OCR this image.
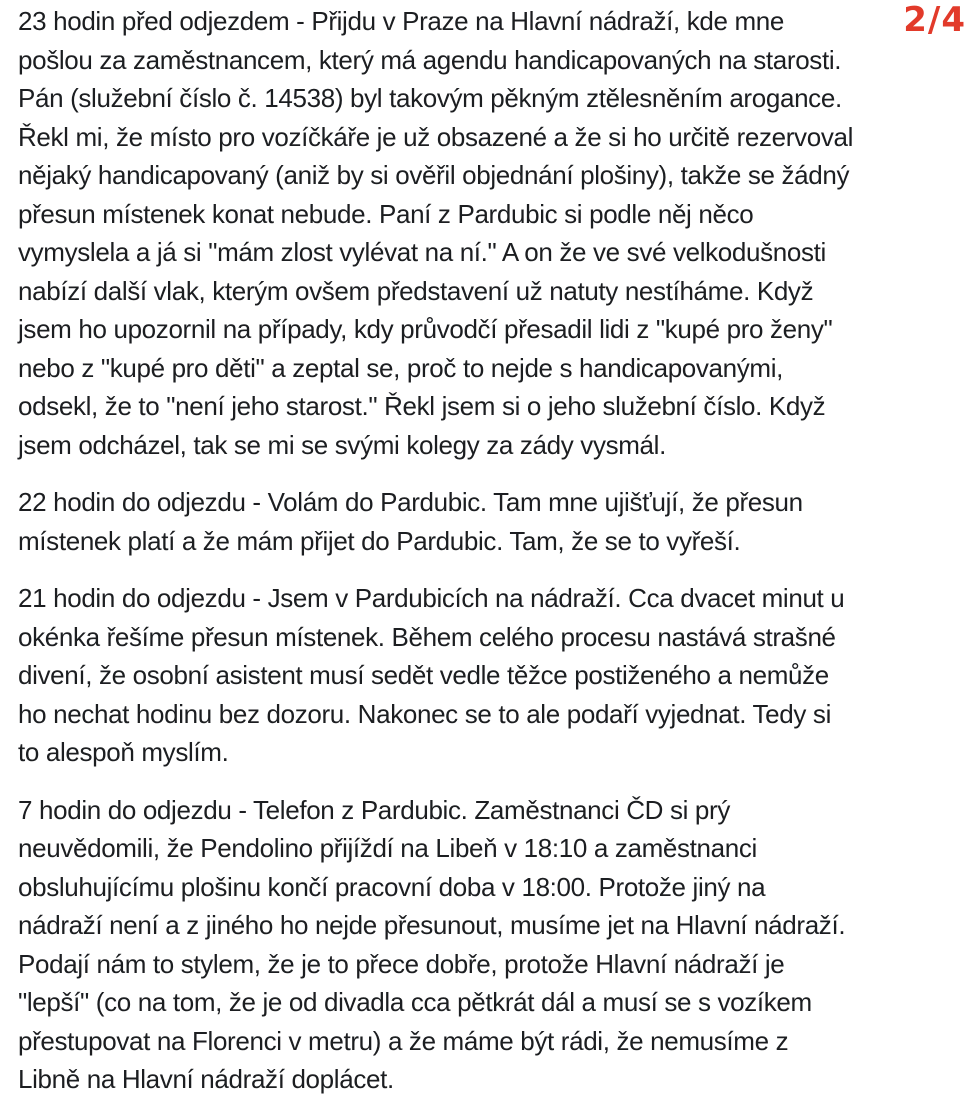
2/4

23 hodin před odjezdem - Přijdu v Praze na Hlavní nádraží, kde mne
pošlou za zaměstnancem, který má agendu handicapovaných na starosti.
Pán (služební číslo č. 14538) byl takovým pěkným ztělesněním arogance.
Řekl mi, že místo pro vozíčkáře je už obsazené a že si ho určitě rezervoval
nějaký handicapovaný (aniž by si ověřil objednání plošiny), takže se žádný
přesun místenek konat nebude. Paní z Pardubic si podle něj něco
vymyslela a já si "mám zlost vylévat na ní." A on že ve své velkodušnosti
nabízí další vlak, kterým ovšem představení už natuty nestíháme. Když
jsem ho upozornil na případy, kdy průvodčí přesadil lidi z "kupé pro ženy"
nebo z "kupé pro děti" a zeptal se, proč to nejde s handicapovanými,
odsekl, že to "není jeho starost." Řekl jsem si o jeho služební číslo. Když
jsem odcházel, tak se mi se svými kolegy za zády vysmál.

22 hodin do odjezdu - Volám do Pardubic. Tam mne ujišťují, že přesun
místenek platí a že mám přijet do Pardubic. Tam, že se to vyřeší.

21 hodin do odjezdu - Jsem v Pardubicích na nádraží. Cca dvacet minut u
okénka řešíme přesun místenek. Během celého procesu nastává strašné
divení, že osobní asistent musí sedět vedle těžce postiženého a nemůže
ho nechat hodinu bez dozoru. Nakonec se to ale podaří vyjednat. Tedy si
to alespoň myslím.

7 hodin do odjezdu - Telefon z Pardubic. Zaměstnanci ČD si prý
neuvědomili, že Pendolino přijíždí na Libeň v 18:10 a zaměstnanci
obsluhujícímu plošinu končí pracovní doba v 18:00. Protože jiný na
nádraží není a z jiného ho nejde přesunout, musíme jet na Hlavní nádraží.
Podají nám to stylem, že je to přece dobře, protože Hlavní nádraží je
"lepší" (co na tom, že je od divadla cca pětkrát dál a musí se s vozíkem
přestupovat na Florenci v metru) a že máme být rádi, že nemusíme z
Libně na Hlavní nádraží doplácet.
